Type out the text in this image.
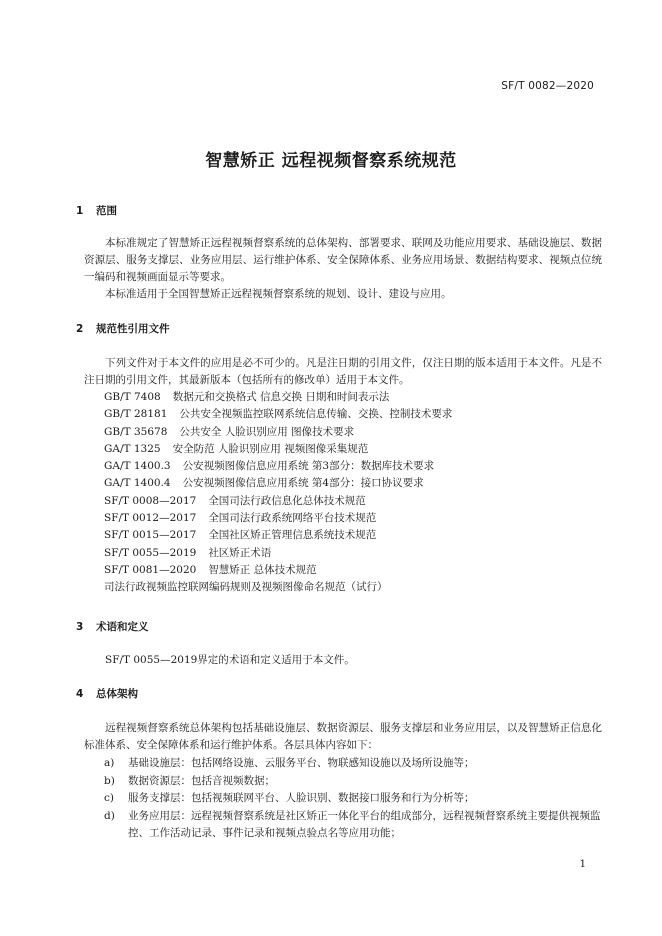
SF/T 0082—2020
智慧矫正 远程视频督察系统规范
1 范围

本标准规定了智慧矫正远程视频督察系统的总体架构、部署要求、联网及功能应用要求、基础设施层、数据资源层、服务支撑层、业务应用层、运行维护体系、安全保障体系、业务应用场景、数据结构要求、视频点位统一编码和视频画面显示等要求。

本标准适用于全国智慧矫正远程视频督察系统的规划、设计、建设与应用。

2 规范性引用文件

下列文件对于本文件的应用是必不可少的。凡是注日期的引用文件，仅注日期的版本适用于本文件。凡是不注日期的引用文件，其最新版本（包括所有的修改单）适用于本文件。

GB/T 7408 数据元和交换格式 信息交换 日期和时间表示法
GB/T 28181 公共安全视频监控联网系统信息传输、交换、控制技术要求
GB/T 35678 公共安全 人脸识别应用 图像技术要求
GA/T 1325 安全防范 人脸识别应用 视频图像采集规范
GA/T 1400.3 公安视频图像信息应用系统 第3部分：数据库技术要求
GA/T 1400.4 公安视频图像信息应用系统 第4部分：接口协议要求
SF/T 0008—2017 全国司法行政信息化总体技术规范
SF/T 0012—2017 全国司法行政系统网络平台技术规范
SF/T 0015—2017 全国社区矫正管理信息系统技术规范
SF/T 0055—2019 社区矫正术语
SF/T 0081—2020 智慧矫正 总体技术规范
司法行政视频监控联网编码规则及视频图像命名规范（试行）
3 术语和定义

SF/T 0055—2019界定的术语和定义适用于本文件。

4 总体架构

远程视频督察系统总体架构包括基础设施层、数据资源层、服务支撑层和业务应用层，以及智慧矫正信息化标准体系、安全保障体系和运行维护体系。各层具体内容如下：

a) 基础设施层：包括网络设施、云服务平台、物联感知设施以及场所设施等；
b) 数据资源层：包括音视频数据；
c) 服务支撑层：包括视频联网平台、人脸识别、数据接口服务和行为分析等；
d) 业务应用层：远程视频督察系统是社区矫正一体化平台的组成部分，远程视频督察系统主要提供视频监控、工作活动记录、事件记录和视频点验点名等应用功能；
1
